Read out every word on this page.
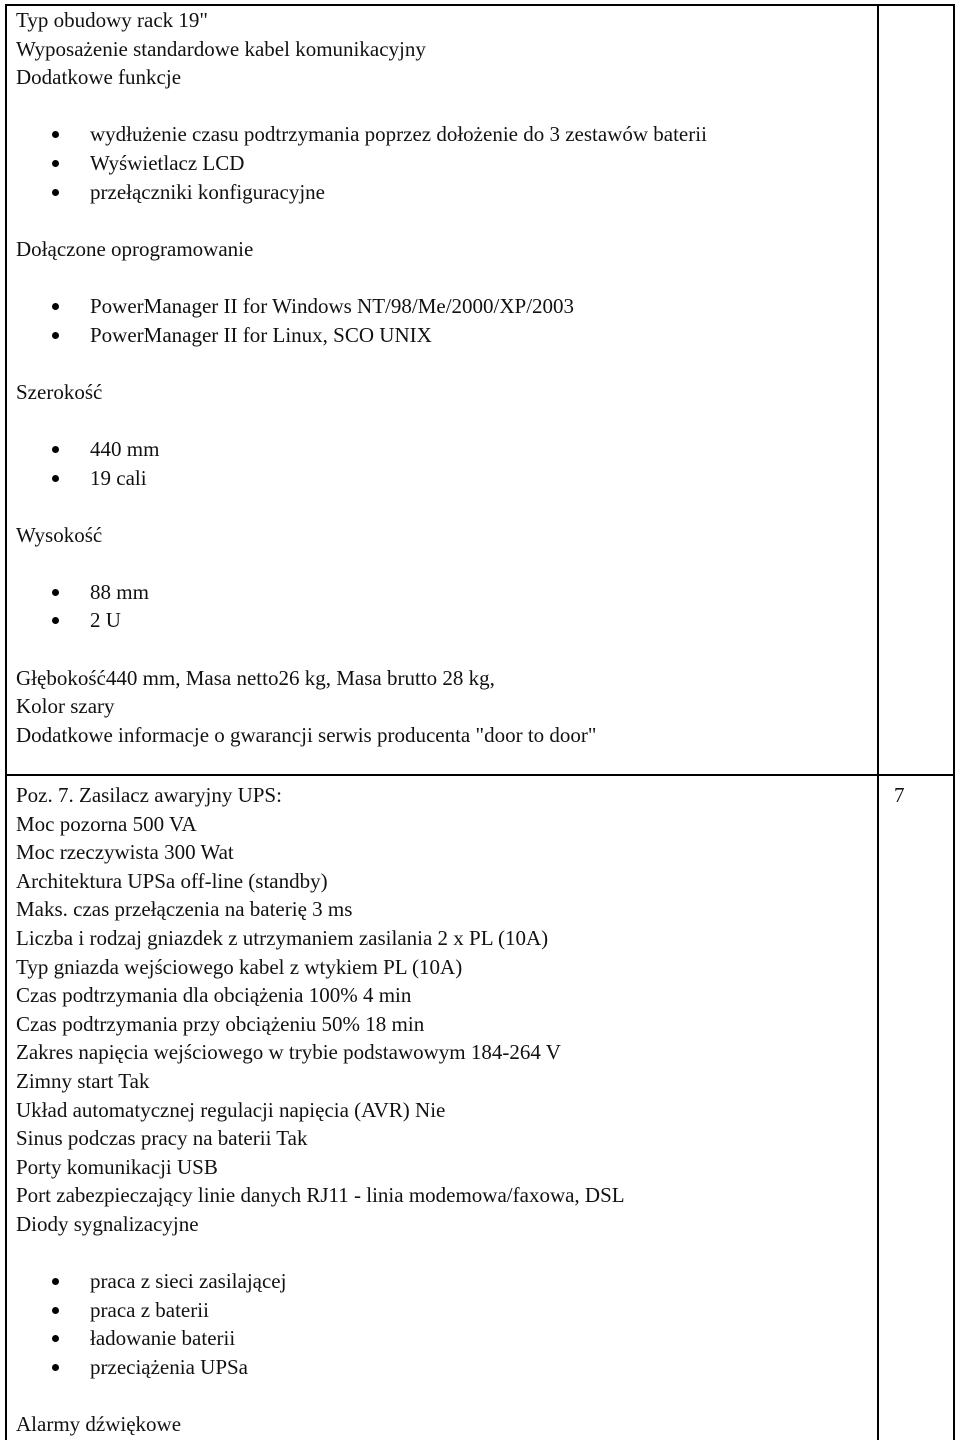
Typ obudowy rack 19"
Wyposażenie standardowe kabel komunikacyjny
Dodatkowe funkcje
wydłużenie czasu podtrzymania poprzez dołożenie do 3 zestawów baterii
Wyświetlacz LCD
przełączniki konfiguracyjne
Dołączone oprogramowanie
PowerManager II for Windows NT/98/Me/2000/XP/2003
PowerManager II for Linux, SCO UNIX
Szerokość
440 mm
19 cali
Wysokość
88 mm
2 U
Głębokość440 mm, Masa netto26 kg, Masa brutto 28 kg,
Kolor szary
Dodatkowe informacje o gwarancji serwis producenta "door to door"
Poz. 7. Zasilacz awaryjny UPS:
Moc pozorna 500 VA
Moc rzeczywista 300 Wat
Architektura UPSa off-line (standby)
Maks. czas przełączenia na baterię 3 ms
Liczba i rodzaj gniazdek z utrzymaniem zasilania 2 x PL (10A)
Typ gniazda wejściowego kabel z wtykiem PL (10A)
Czas podtrzymania dla obciążenia 100% 4 min
Czas podtrzymania przy obciążeniu 50% 18 min
Zakres napięcia wejściowego w trybie podstawowym 184-264 V
Zimny start Tak
Układ automatycznej regulacji napięcia (AVR) Nie
Sinus podczas pracy na baterii Tak
Porty komunikacji USB
Port zabezpieczający linie danych RJ11 - linia modemowa/faxowa, DSL
Diody sygnalizacyjne
praca z sieci zasilającej
praca z baterii
ładowanie baterii
przeciążenia UPSa
Alarmy dźwiękowe
7
